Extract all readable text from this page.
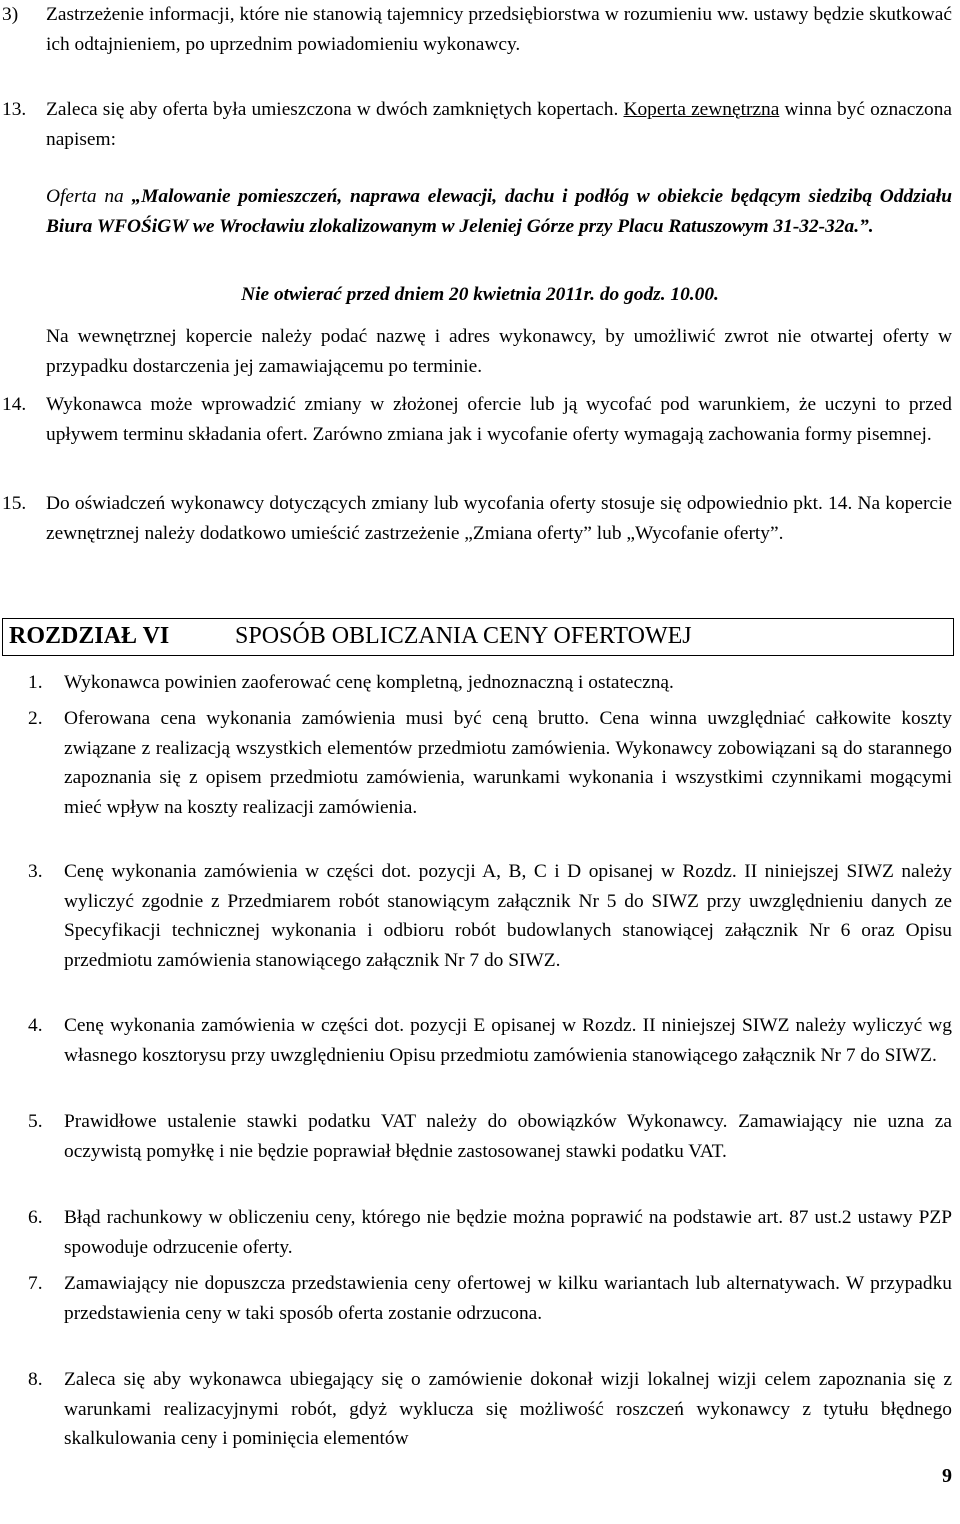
3) Zastrzeżenie informacji, które nie stanowią tajemnicy przedsiębiorstwa w rozumieniu ww. ustawy będzie skutkować ich odtajnieniem, po uprzednim powiadomieniu wykonawcy.
13. Zaleca się aby oferta była umieszczona w dwóch zamkniętych kopertach. Koperta zewnętrzna winna być oznaczona napisem:
Oferta na „Malowanie pomieszczeń, naprawa elewacji, dachu i podłóg w obiekcie będącym siedzibą Oddziału Biura WFOŚiGW we Wrocławiu zlokalizowanym w Jeleniej Górze przy Placu Ratuszowym 31-32-32a.”.
Nie otwierać przed dniem 20 kwietnia 2011r. do godz. 10.00.
Na wewnętrznej kopercie należy podać nazwę i adres wykonawcy, by umożliwić zwrot nie otwartej oferty w przypadku dostarczenia jej zamawiającemu po terminie.
14. Wykonawca może wprowadzić zmiany w złożonej ofercie lub ją wycofać pod warunkiem, że uczyni to przed upływem terminu składania ofert. Zarówno zmiana jak i wycofanie oferty wymagają zachowania formy pisemnej.
15. Do oświadczeń wykonawcy dotyczących zmiany lub wycofania oferty stosuje się odpowiednio pkt. 14. Na kopercie zewnętrznej należy dodatkowo umieścić zastrzeżenie „Zmiana oferty” lub „Wycofanie oferty”.
ROZDZIAŁ VI	SPOSÓB OBLICZANIA CENY OFERTOWEJ
1. Wykonawca powinien zaoferować cenę kompletną, jednoznaczną i ostateczną.
2. Oferowana cena wykonania zamówienia musi być ceną brutto. Cena winna uwzględniać całkowite koszty związane z realizacją wszystkich elementów przedmiotu zamówienia. Wykonawcy zobowiązani są do starannego zapoznania się z opisem przedmiotu zamówienia, warunkami wykonania i wszystkimi czynnikami mogącymi mieć wpływ na koszty realizacji zamówienia.
3. Cenę wykonania zamówienia w części dot. pozycji A, B, C i D opisanej w Rozdz. II niniejszej SIWZ należy wyliczyć zgodnie z Przedmiarem robót stanowiącym załącznik Nr 5 do SIWZ przy uwzględnieniu danych ze Specyfikacji technicznej wykonania i odbioru robót budowlanych stanowiącej załącznik Nr 6 oraz Opisu przedmiotu zamówienia stanowiącego załącznik Nr 7 do SIWZ.
4. Cenę wykonania zamówienia w części dot. pozycji E opisanej w Rozdz. II niniejszej SIWZ należy wyliczyć wg własnego kosztorysu przy uwzględnieniu Opisu przedmiotu zamówienia stanowiącego załącznik Nr 7 do SIWZ.
5. Prawidłowe ustalenie stawki podatku VAT należy do obowiązków Wykonawcy. Zamawiający nie uzna za oczywistą pomyłkę i nie będzie poprawiał błędnie zastosowanej stawki podatku VAT.
6. Błąd rachunkowy w obliczeniu ceny, którego nie będzie można poprawić na podstawie art. 87 ust.2 ustawy PZP spowoduje odrzucenie oferty.
7. Zamawiający nie dopuszcza przedstawienia ceny ofertowej w kilku wariantach lub alternatywach. W przypadku przedstawienia ceny w taki sposób oferta zostanie odrzucona.
8. Zaleca się aby wykonawca ubiegający się o zamówienie dokonał wizji lokalnej wizji celem zapoznania się z warunkami realizacyjnymi robót, gdyż wyklucza się możliwość roszczeń wykonawcy z tytułu błędnego skalkulowania ceny i pominięcia elementów
9
